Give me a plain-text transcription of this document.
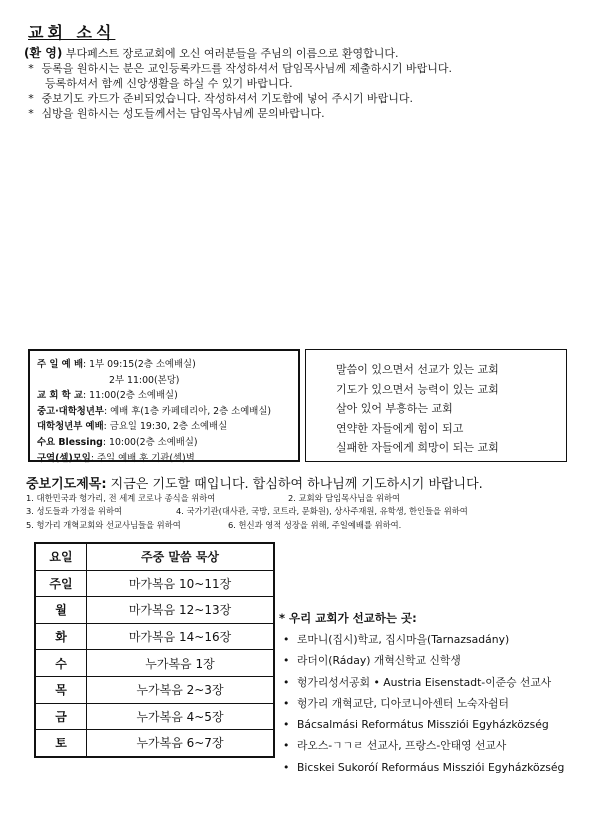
교회 소식
(환 영) 부다페스트 장로교회에 오신 여러분들을 주님의 이름으로 환영합니다.
* 등록을 원하시는 분은 교인등록카드를 작성하셔서 담임목사님께 제출하시기 바랍니다.
등록하셔서 함께 신앙생활을 하실 수 있기 바랍니다.
* 중보기도 카드가 준비되었습니다. 작성하셔서 기도함에 넣어 주시기 바랍니다.
* 심방을 원하시는 성도들께서는 담임목사님께 문의바랍니다.
주 일 예 배: 1부 09:15(2층 소예배실)
2부 11:00(본당)
교 회 학 교: 11:00(2층 소예배실)
중고·대학청년부: 예배 후(1층 카페테리아, 2층 소예배실)
대학청년부 예배: 금요일 19:30, 2층 소예배실
수요 Blessing: 10:00(2층 소예배실)
구역(셀)모임: 주일 예배 후 기관(셀)별
말씀이 있으면서 선교가 있는 교회
기도가 있으면서 능력이 있는 교회
살아 있어 부흥하는 교회
연약한 자들에게 힘이 되고
실패한 자들에게 희망이 되는 교회
중보기도제목: 지금은 기도할 때입니다. 합심하여 하나님께 기도하시기 바랍니다.
1. 대한민국과 헝가리, 전 세계 코로나 종식을 위하여	2. 교회와 담임목사님을 위하여
3. 성도들과 가정을 위하여	4. 국가기관(대사관, 국방, 코트라, 문화원), 상사주재원, 유학생, 한인들을 위하여
5. 헝가리 개혁교회와 선교사님들을 위하여	6. 헌신과 영적 성장을 위해, 주일예배를 위하여.
요일	주중 말씀 묵상
주일	마가복음 10~11장
월	마가복음 12~13장
화	마가복음 14~16장
수	누가복음 1장
목	누가복음 2~3장
금	누가복음 4~5장
토	누가복음 6~7장
* 우리 교회가 선교하는 곳:
• 로마니(집시)학교, 집시마을(Tarnazsadány)
• 라더이(Ráday) 개혁신학교 신학생
• 헝가리성서공회 • Austria Eisenstadt-이준승 선교사
• 헝가리 개혁교단, 디아코니아센터 노숙자쉼터
• Bácsalmási Református Missziói Egyházközség
• 라오스-ㄱㄱㄹ 선교사, 프랑스-안태영 선교사
• Bicskei Sukoróí Reformáus Missziói Egyházközség
